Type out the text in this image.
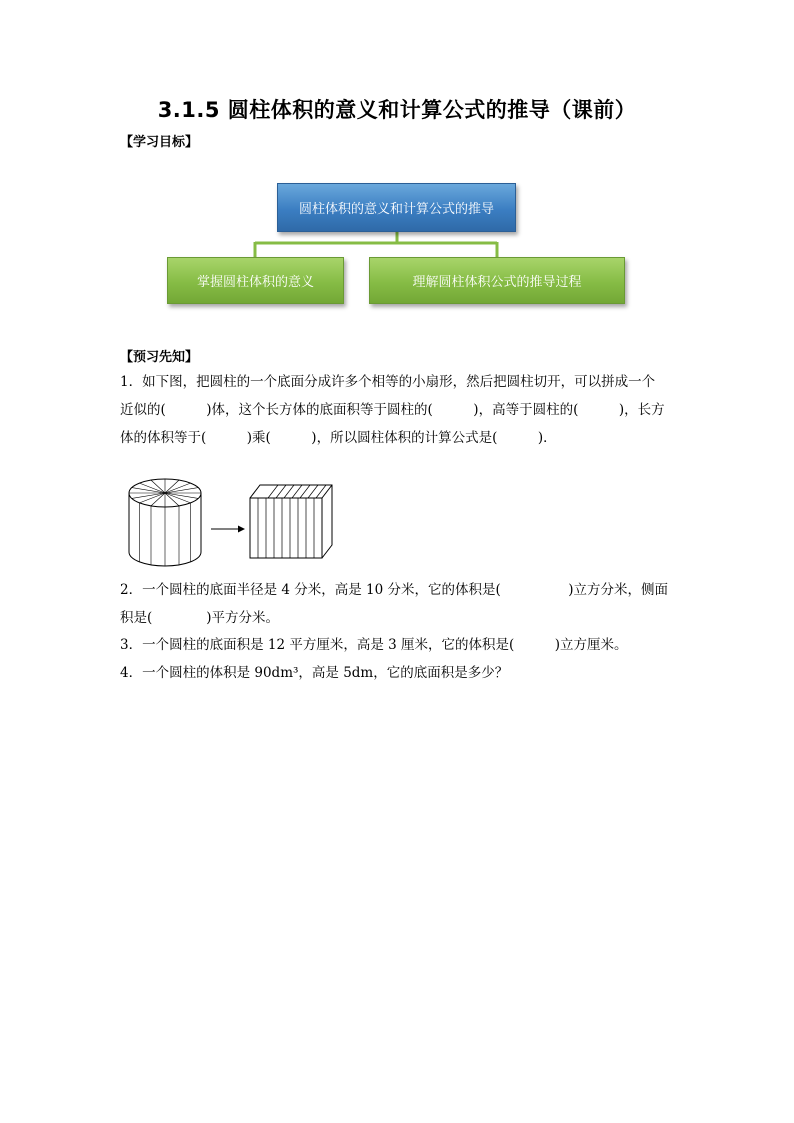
3.1.5 圆柱体积的意义和计算公式的推导（课前）
【学习目标】
圆柱体积的意义和计算公式的推导
掌握圆柱体积的意义	理解圆柱体积公式的推导过程
【预习先知】
1．如下图，把圆柱的一个底面分成许多个相等的小扇形，然后把圆柱切开，可以拼成一个
近似的(　　　)体，这个长方体的底面积等于圆柱的(　　　)，高等于圆柱的(　　　)，长方
体的体积等于(　　　)乘(　　　)，所以圆柱体积的计算公式是(　　　)．
2．一个圆柱的底面半径是 4 分米，高是 10 分米，它的体积是(　　　　　)立方分米，侧面
积是(　　　　)平方分米。
3．一个圆柱的底面积是 12 平方厘米，高是 3 厘米，它的体积是(　　　)立方厘米。
4．一个圆柱的体积是 90dm³，高是 5dm，它的底面积是多少？
